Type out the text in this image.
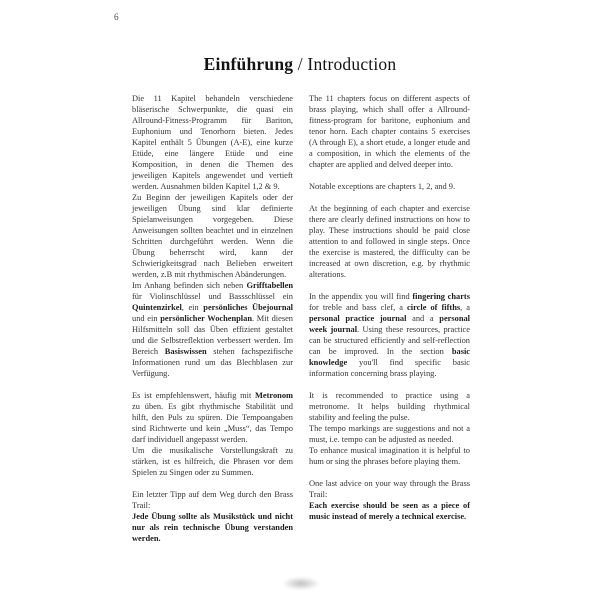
6
Einführung / Introduction

Die 11 Kapitel behandeln verschiedene bläserische Schwerpunkte, die quasi ein Allround-Fitness-Programm für Bariton, Euphonium und Tenorhorn bieten. Jedes Kapitel enthält 5 Übungen (A-E), eine kurze Etüde, eine längere Etüde und eine Komposition, in denen die Themen des jeweiligen Kapitels angewendet und vertieft werden. Ausnahmen bilden Kapitel 1,2 & 9.

Zu Beginn der jeweiligen Kapitels oder der jeweiligen Übung sind klar definierte Spielanweisungen vorgegeben. Diese Anweisungen sollten beachtet und in einzelnen Schritten durchgeführt werden. Wenn die Übung beherrscht wird, kann der Schwierigkeitsgrad nach Belieben erweitert werden, z.B mit rhythmischen Abänderungen.

Im Anhang befinden sich neben Grifftabellen für Violinschlüssel und Bassschlüssel ein Quintenzirkel, ein persönliches Übejournal und ein persönlicher Wochenplan. Mit diesen Hilfsmitteln soll das Üben effizient gestaltet und die Selbstreflektion verbessert werden. Im Bereich Basiswissen stehen fachspezifische Informationen rund um das Blechblasen zur Verfügung.

Es ist empfehlenswert, häufig mit Metronom zu üben. Es gibt rhythmische Stabilität und hilft, den Puls zu spüren. Die Tempoangaben sind Richtwerte und kein „Muss“, das Tempo darf individuell angepasst werden.

Um die musikalische Vorstellungskraft zu stärken, ist es hilfreich, die Phrasen vor dem Spielen zu Singen oder zu Summen.

Ein letzter Tipp auf dem Weg durch den Brass Trail:

Jede Übung sollte als Musikstück und nicht nur als rein technische Übung verstanden werden.

The 11 chapters focus on different aspects of brass playing, which shall offer a Allround-fitness-program for baritone, euphonium and tenor horn. Each chapter contains 5 exercises (A through E), a short etude, a longer etude and a composition, in which the elements of the chapter are applied and delved deeper into.

Notable exceptions are chapters 1, 2, and 9.

At the beginning of each chapter and exercise there are clearly defined instructions on how to play. These instructions should be paid close attention to and followed in single steps. Once the exercise is mastered, the difficulty can be increased at own discretion, e.g. by rhythmic alterations.

In the appendix you will find fingering charts for treble and bass clef, a circle of fifths, a personal practice journal and a personal week journal. Using these resources, practice can be structured efficiently and self-reflection can be improved. In the section basic knowledge you'll find specific basic information concerning brass playing.

It is recommended to practice using a metronome. It helps building rhythmical stability and feeling the pulse.

The tempo markings are suggestions and not a must, i.e. tempo can be adjusted as needed.

To enhance musical imagination it is helpful to hum or sing the phrases before playing them.

One last advice on your way through the Brass Trail:

Each exercise should be seen as a piece of music instead of merely a technical exercise.
